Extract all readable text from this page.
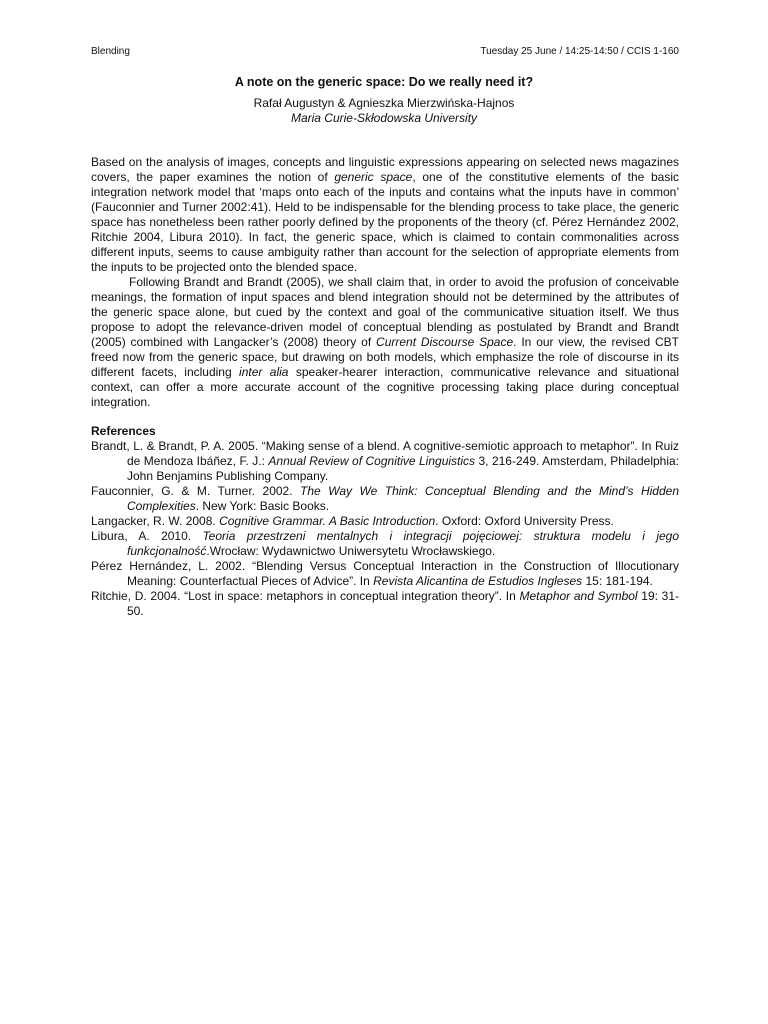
Blending	Tuesday 25 June / 14:25-14:50 / CCIS 1-160
A note on the generic space: Do we really need it?
Rafał Augustyn & Agnieszka Mierzwińska-Hajnos
Maria Curie-Skłodowska University

Based on the analysis of images, concepts and linguistic expressions appearing on selected news magazines covers, the paper examines the notion of generic space, one of the constitutive elements of the basic integration network model that ‘maps onto each of the inputs and contains what the inputs have in common’ (Fauconnier and Turner 2002:41). Held to be indispensable for the blending process to take place, the generic space has nonetheless been rather poorly defined by the proponents of the theory (cf. Pérez Hernández 2002, Ritchie 2004, Libura 2010). In fact, the generic space, which is claimed to contain commonalities across different inputs, seems to cause ambiguity rather than account for the selection of appropriate elements from the inputs to be projected onto the blended space.

Following Brandt and Brandt (2005), we shall claim that, in order to avoid the profusion of conceivable meanings, the formation of input spaces and blend integration should not be determined by the attributes of the generic space alone, but cued by the context and goal of the communicative situation itself. We thus propose to adopt the relevance-driven model of conceptual blending as postulated by Brandt and Brandt (2005) combined with Langacker’s (2008) theory of Current Discourse Space. In our view, the revised CBT freed now from the generic space, but drawing on both models, which emphasize the role of discourse in its different facets, including inter alia speaker-hearer interaction, communicative relevance and situational context, can offer a more accurate account of the cognitive processing taking place during conceptual integration.

References

Brandt, L. & Brandt, P. A. 2005. “Making sense of a blend. A cognitive-semiotic approach to metaphor”. In Ruiz de Mendoza Ibáñez, F. J.: Annual Review of Cognitive Linguistics 3, 216-249. Amsterdam, Philadelphia: John Benjamins Publishing Company.

Fauconnier, G. & M. Turner. 2002. The Way We Think: Conceptual Blending and the Mind’s Hidden Complexities. New York: Basic Books.

Langacker, R. W. 2008. Cognitive Grammar. A Basic Introduction. Oxford: Oxford University Press.

Libura, A. 2010. Teoria przestrzeni mentalnych i integracji pojęciowej: struktura modelu i jego funkcjonalność.Wrocław: Wydawnictwo Uniwersytetu Wrocławskiego.

Pérez Hernández, L. 2002. “Blending Versus Conceptual Interaction in the Construction of Illocutionary Meaning: Counterfactual Pieces of Advice”. In Revista Alicantina de Estudios Ingleses 15: 181-194.

Ritchie, D. 2004. “Lost in space: metaphors in conceptual integration theory”. In Metaphor and Symbol 19: 31-50.
